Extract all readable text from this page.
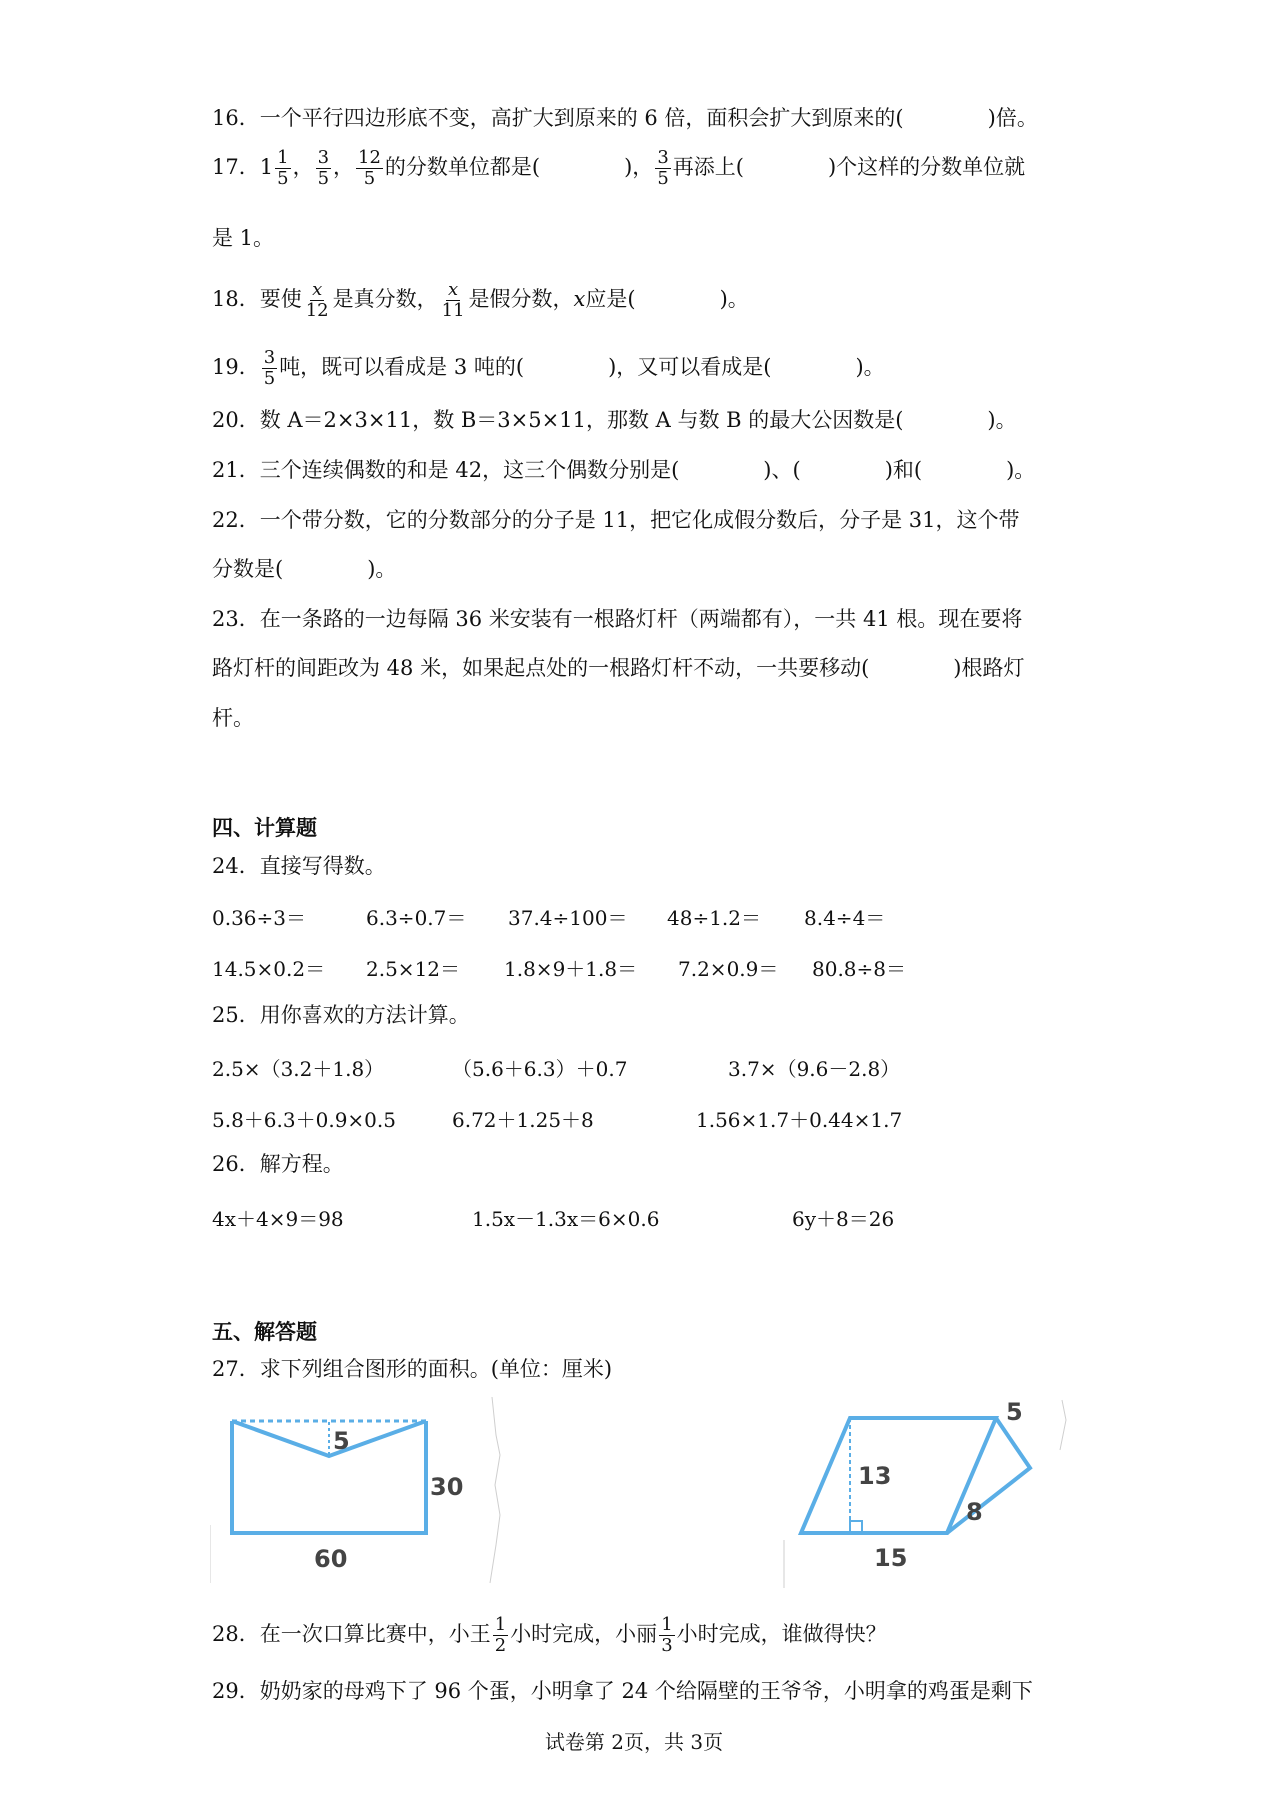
16．一个平行四边形底不变，高扩大到原来的 6 倍，面积会扩大到原来的(　　　　)倍。
17．$1 \frac{1}{5}$ ， $\frac{3}{5}$ ， $\frac{12}{5}$ 的分数单位都是(　　　　)， $\frac{3}{5}$ 再添上(　　　　)个这样的分数单位就
是 1。
18．要使 $\frac{x}{12}$ 是真分数， $\frac{x}{11}$ 是假分数，x应是(　　　　)。
19． $\frac{3}{5}$ 吨，既可以看成是 3 吨的(　　　　)，又可以看成是(　　　　)。
20．数 A＝2×3×11，数 B＝3×5×11，那数 A 与数 B 的最大公因数是(　　　　)。
21．三个连续偶数的和是 42，这三个偶数分别是(　　　　)、(　　　　)和(　　　　)。
22．一个带分数，它的分数部分的分子是 11，把它化成假分数后，分子是 31，这个带
分数是(　　　　)。
23．在一条路的一边每隔 36 米安装有一根路灯杆（两端都有），一共 41 根。现在要将
路灯杆的间距改为 48 米，如果起点处的一根路灯杆不动，一共要移动(　　　　)根路灯
杆。
四、计算题
24．直接写得数。
0.36÷3＝	6.3÷0.7＝ 37.4÷100＝ 48÷1.2＝ 8.4÷4＝
14.5×0.2＝ 2.5×12＝ 1.8×9＋1.8＝ 7.2×0.9＝ 80.8÷8＝
25．用你喜欢的方法计算。
2.5×（3.2＋1.8）	（5.6＋6.3）＋0.7	3.7×（9.6－2.8）
5.8＋6.3＋0.9×0.5	6.72＋1.25＋8	1.56×1.7＋0.44×1.7
26．解方程。
4x＋4×9＝98	1.5x－1.3x＝6×0.6	6y＋8＝26
五、解答题
27．求下列组合图形的面积。(单位：厘米)
5
30
60
5
13
8
15
28．在一次口算比赛中，小王 $\frac{1}{2}$ 小时完成，小丽 $\frac{1}{3}$ 小时完成，谁做得快？
29．奶奶家的母鸡下了 96 个蛋，小明拿了 24 个给隔壁的王爷爷，小明拿的鸡蛋是剩下
试卷第 2页，共 3页
